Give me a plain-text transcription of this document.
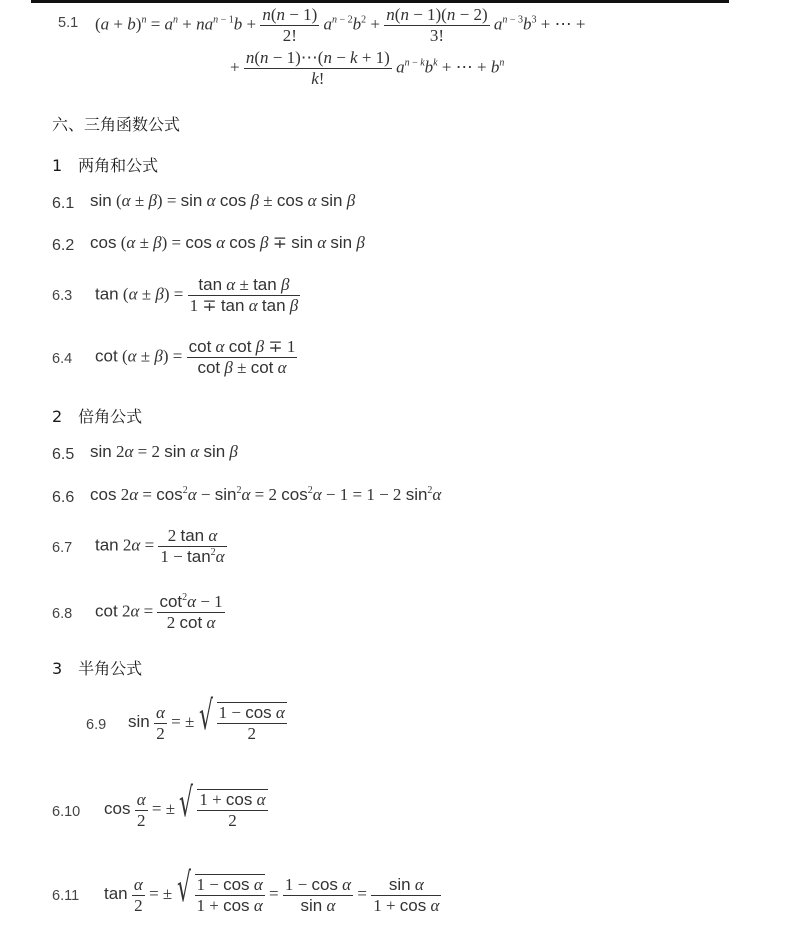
5.1 $(a + b)^n = a^n + na^{n - 1}b + \frac{n(n - 1)}{2!} a^{n - 2}b^2 + \frac{n(n - 1)(n - 2)}{3!} a^{n - 3}b^3$ + ⋯ +
+ $\frac{n(n - 1)\cdots(n - k + 1)}{k!} a^{n - k}b^k$ + ⋯ + $b^n$
六、三角函数公式
1　两角和公式
6.1 sin (α ± β) = sin α cos β ± cos α sin β
6.2 cos (α ± β) = cos α cos β ∓ sin α sin β
6.3 $\tan (\alpha \pm \beta) = \frac{\text{tan α ± tan β}}{\text{1 ∓ tan α tan β}}$
6.4 $\cot (\alpha \pm \beta) = \frac{\text{cot α cot β ∓ 1}}{\text{cot β ± cot α}}$
2　倍角公式
6.5 sin 2α = 2 sin α sin β
6.6 $\cos 2\alpha = \cos^2\alpha - \sin^2\alpha = 2$ $\cos^2\alpha - 1 = 1 - 2$ $\sin^2\alpha$
6.7 $\tan 2\alpha = \frac{\text{2 tan α}}{1 - \tan^2\alpha}$
6.8 $\cot 2\alpha = \frac{\cot^2\alpha - 1}{\text{2 cot α}}$
3　半角公式
6.9 $\sin \frac{\alpha}{2}$ = ± √ $\frac{\text{1 − cos α}}{2}$
6.10 $\cos \frac{\alpha}{2}$ = ± √ $\frac{\text{1 + cos α}}{2}$
6.11 $\tan \frac{\alpha}{2}$ = ± √ $\frac{\text{1 − cos α}}{\text{1 + cos α}} = \frac{\text{1 − cos α}}{\text{sin α}} = \frac{\text{sin α}}{\text{1 + cos α}}$
